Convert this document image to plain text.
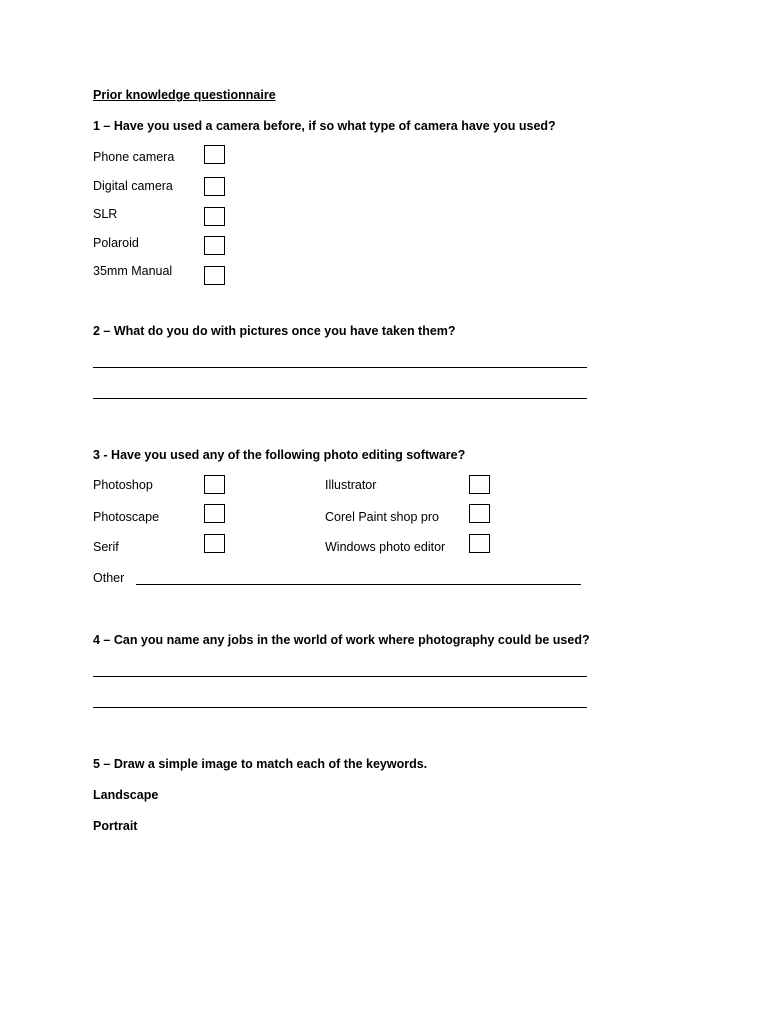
Prior knowledge questionnaire
1 – Have you used a camera before, if so what type of camera have you used?
Phone camera
Digital camera
SLR
Polaroid
35mm Manual
2 – What do you do with pictures once you have taken them?
3 - Have you used any of the following photo editing software?
Photoshop	Illustrator
Photoscape	Corel Paint shop pro
Serif	Windows photo editor
Other
4 – Can you name any jobs in the world of work where photography could be used?
5 – Draw a simple image to match each of the keywords.
Landscape
Portrait
